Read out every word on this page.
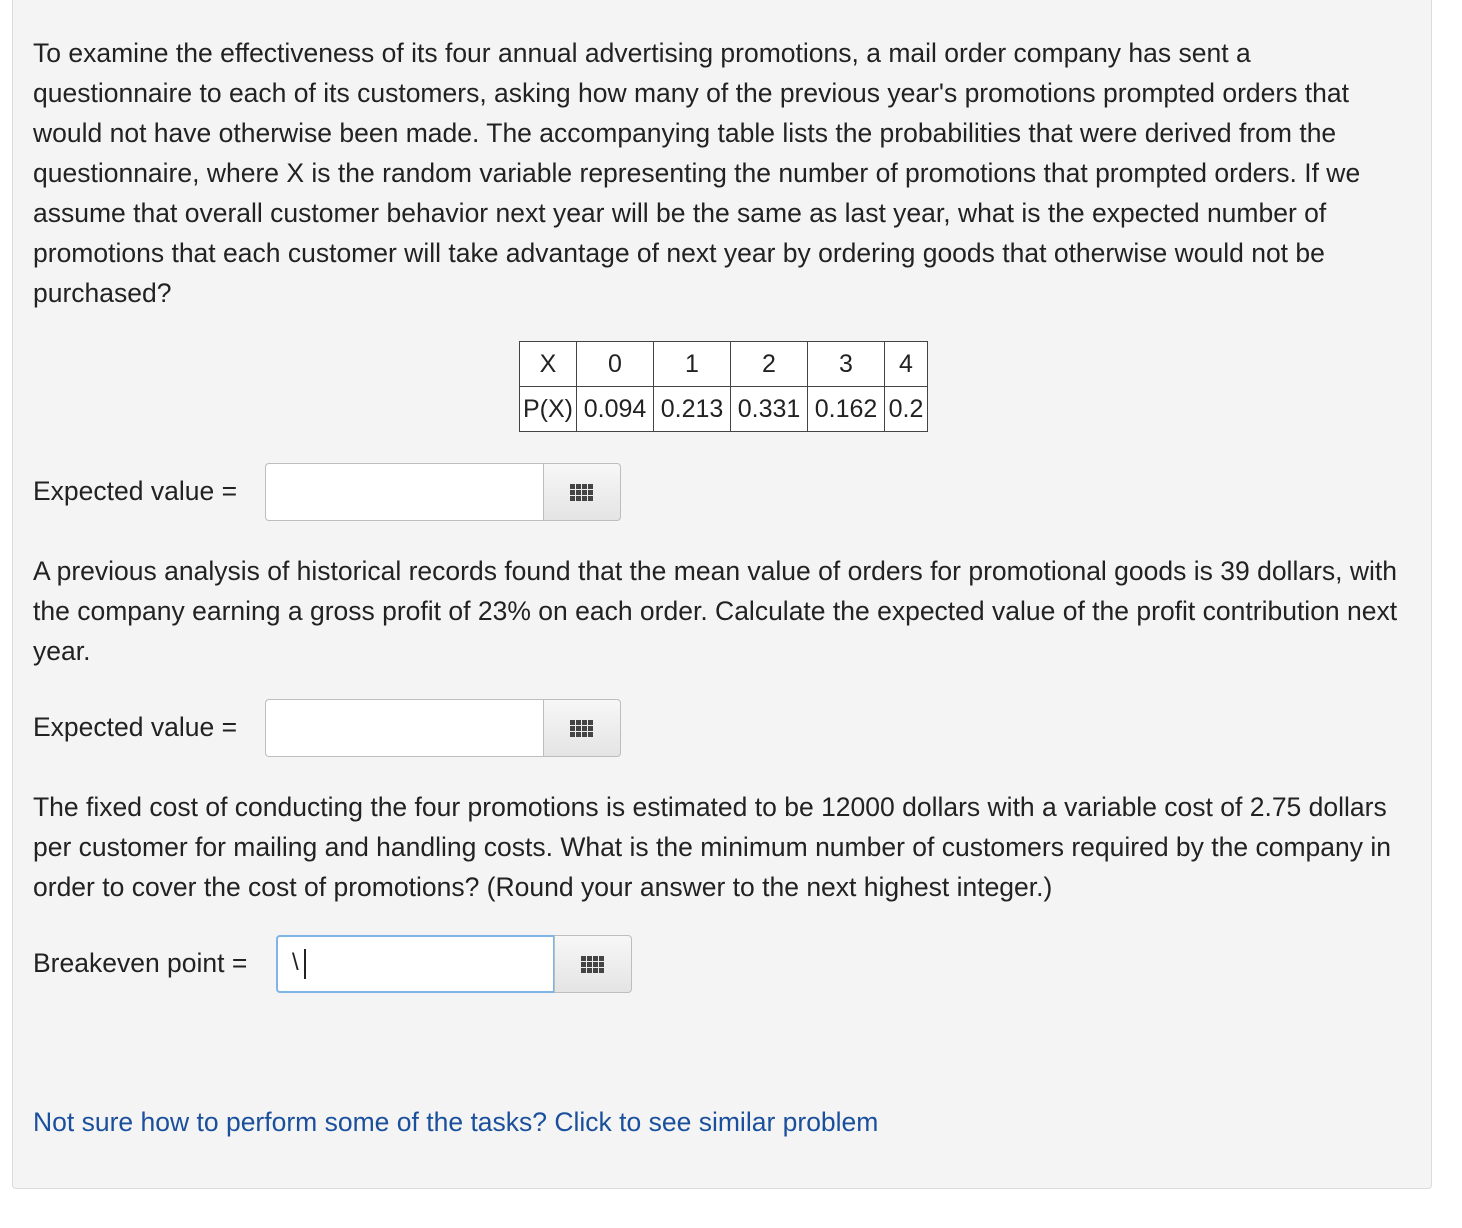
To examine the effectiveness of its four annual advertising promotions, a mail order company has sent a questionnaire to each of its customers, asking how many of the previous year's promotions prompted orders that would not have otherwise been made. The accompanying table lists the probabilities that were derived from the questionnaire, where X is the random variable representing the number of promotions that prompted orders. If we assume that overall customer behavior next year will be the same as last year, what is the expected number of promotions that each customer will take advantage of next year by ordering goods that otherwise would not be purchased?

X	0	1	2	3	4
P(X)	0.094	0.213	0.331	0.162	0.2
Expected value =

A previous analysis of historical records found that the mean value of orders for promotional goods is 39 dollars, with the company earning a gross profit of 23% on each order. Calculate the expected value of the profit contribution next year.

Expected value =

The fixed cost of conducting the four promotions is estimated to be 12000 dollars with a variable cost of 2.75 dollars per customer for mailing and handling costs. What is the minimum number of customers required by the company in order to cover the cost of promotions? (Round your answer to the next highest integer.)

Breakeven point = \
Not sure how to perform some of the tasks? Click to see similar problem
